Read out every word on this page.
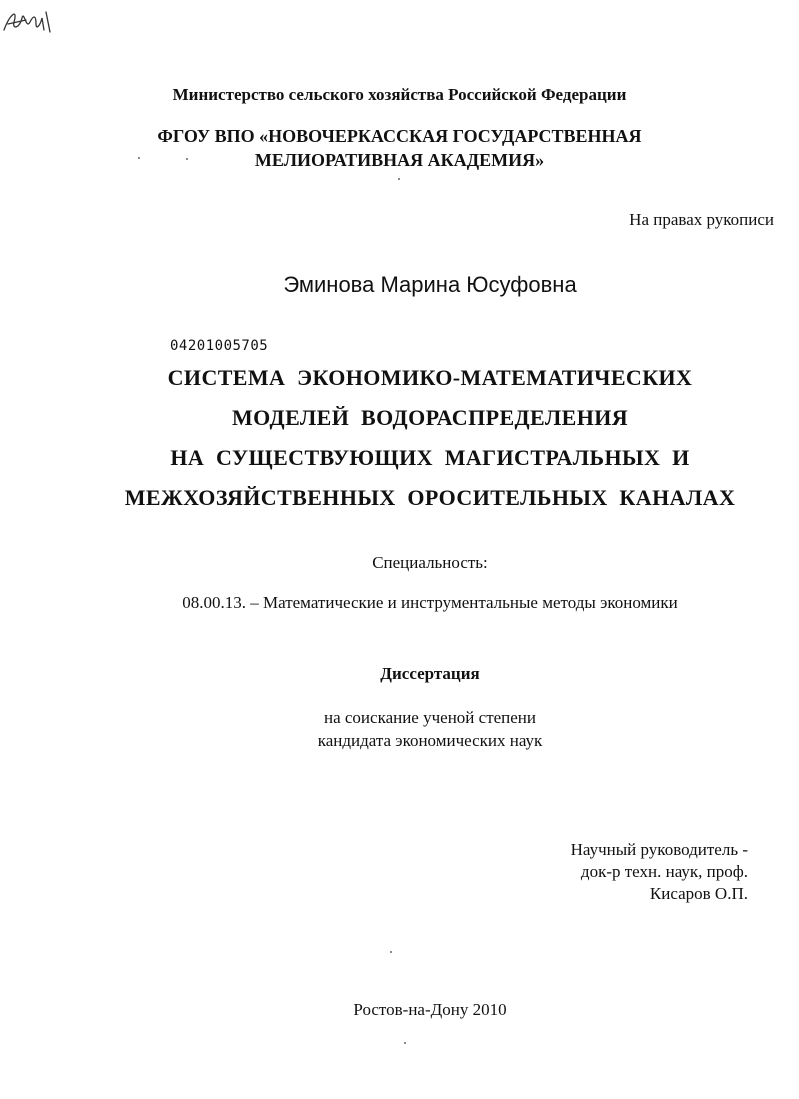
Министерство сельского хозяйства Российской Федерации
ФГОУ ВПО «НОВОЧЕРКАССКАЯ ГОСУДАРСТВЕННАЯ
МЕЛИОРАТИВНАЯ АКАДЕМИЯ»
На правах рукописи
Эминова Марина Юсуфовна
04201005705
СИСТЕМА  ЭКОНОМИКО-МАТЕМАТИЧЕСКИХ
МОДЕЛЕЙ  ВОДОРАСПРЕДЕЛЕНИЯ
НА  СУЩЕСТВУЮЩИХ  МАГИСТРАЛЬНЫХ  И
МЕЖХОЗЯЙСТВЕННЫХ  ОРОСИТЕЛЬНЫХ  КАНАЛАХ
Специальность:
08.00.13. – Математические и инструментальные методы экономики
Диссертация
на соискание ученой степени
кандидата экономических наук
Научный руководитель -
док-р техн. наук, проф.
Кисаров О.П.
Ростов-на-Дону 2010
